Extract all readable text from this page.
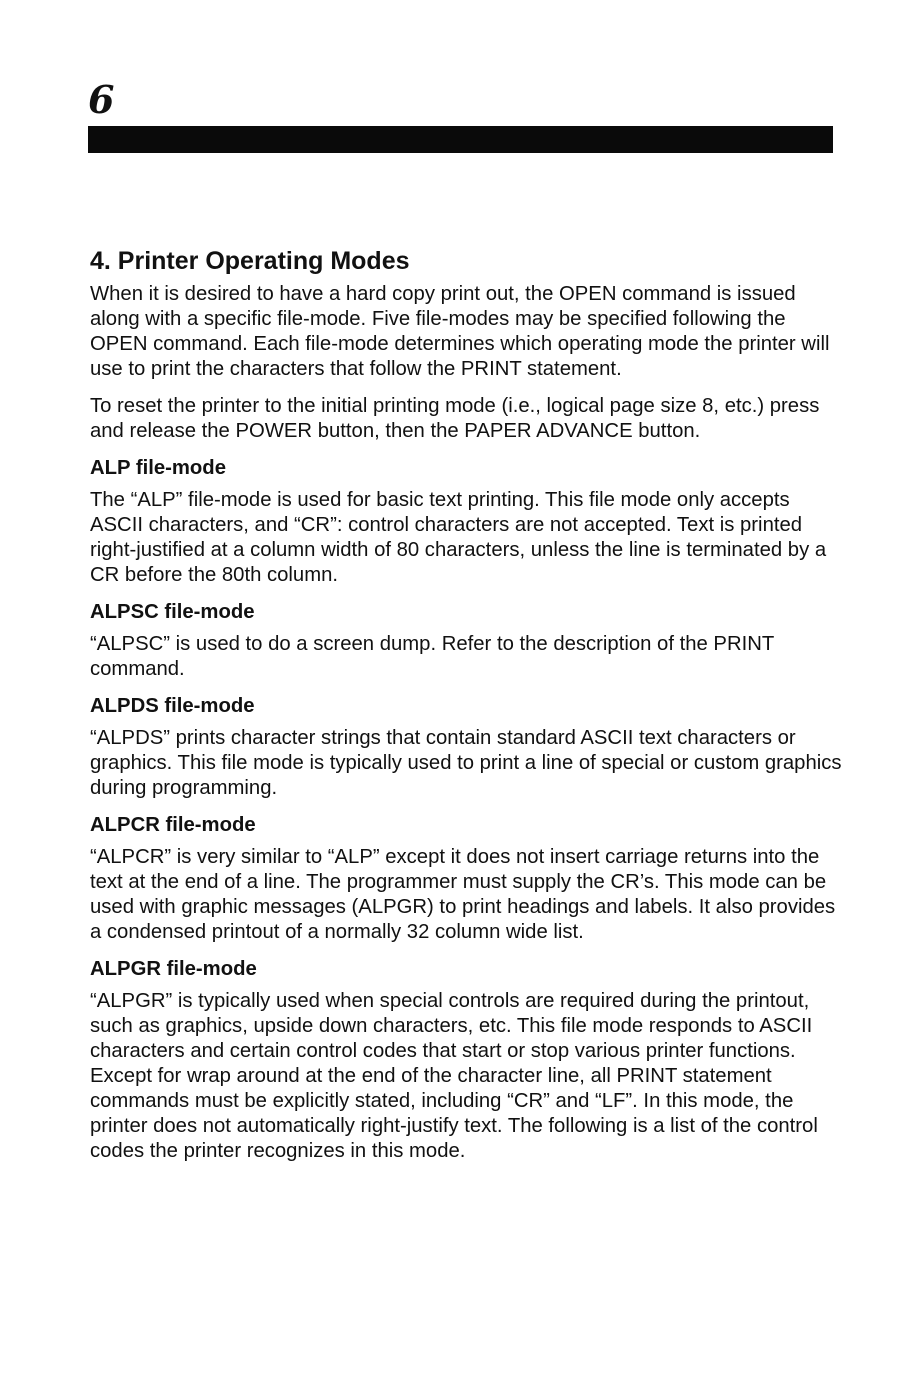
6
4. Printer Operating Modes

When it is desired to have a hard copy print out, the OPEN command is issued along with a specific file-mode. Five file-modes may be specified following the OPEN command. Each file-mode determines which operating mode the printer will use to print the characters that follow the PRINT statement.

To reset the printer to the initial printing mode (i.e., logical page size 8, etc.) press and release the POWER button, then the PAPER ADVANCE button.

ALP file-mode

The “ALP” file-mode is used for basic text printing. This file mode only accepts ASCII characters, and “CR”: control characters are not accepted. Text is printed right-justified at a column width of 80 characters, unless the line is terminated by a CR before the 80th column.

ALPSC file-mode

“ALPSC” is used to do a screen dump. Refer to the description of the PRINT command.

ALPDS file-mode

“ALPDS” prints character strings that contain standard ASCII text characters or graphics. This file mode is typically used to print a line of special or custom graphics during programming.

ALPCR file-mode

“ALPCR” is very similar to “ALP” except it does not insert carriage returns into the text at the end of a line. The programmer must supply the CR’s. This mode can be used with graphic messages (ALPGR) to print headings and labels. It also provides a condensed printout of a normally 32 column wide list.

ALPGR file-mode

“ALPGR” is typically used when special controls are required during the printout, such as graphics, upside down characters, etc. This file mode responds to ASCII characters and certain control codes that start or stop various printer functions. Except for wrap around at the end of the character line, all PRINT statement commands must be explicitly stated, including “CR” and “LF”. In this mode, the printer does not automatically right-justify text. The following is a list of the control codes the printer recognizes in this mode.
